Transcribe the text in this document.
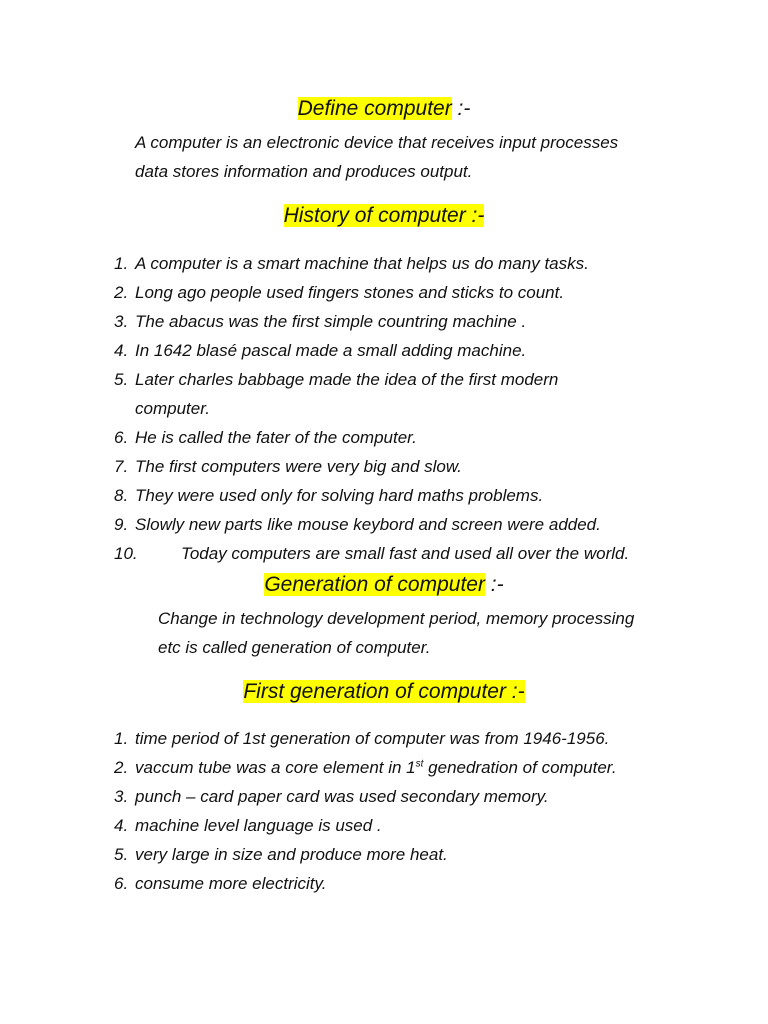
Define computer :-
A computer is an electronic device that receives input processes
data stores information and produces output.
History of computer :-
1. A computer is a smart machine that helps us do many tasks.
2. Long ago people used fingers stones and sticks to count.
3. The abacus was the first simple countring machine .
4. In 1642 blasé pascal made a small adding machine.
5. Later charles babbage made the idea of the first modern
computer.
6. He is called the fater of the computer.
7. The first computers were very big and slow.
8. They were used only for solving hard maths problems.
9. Slowly new parts like mouse keybord and screen were added.
10.	Today computers are small fast and used all over the world.
Generation of computer :-
Change in technology development period, memory processing
etc is called generation of computer.
First generation of computer :-
1. time period of 1st generation of computer was from 1946-1956.
2. vaccum tube was a core element in 1st genedration of computer.
3. punch – card paper card was used secondary memory.
4. machine level language is used .
5. very large in size and produce more heat.
6. consume more electricity.
